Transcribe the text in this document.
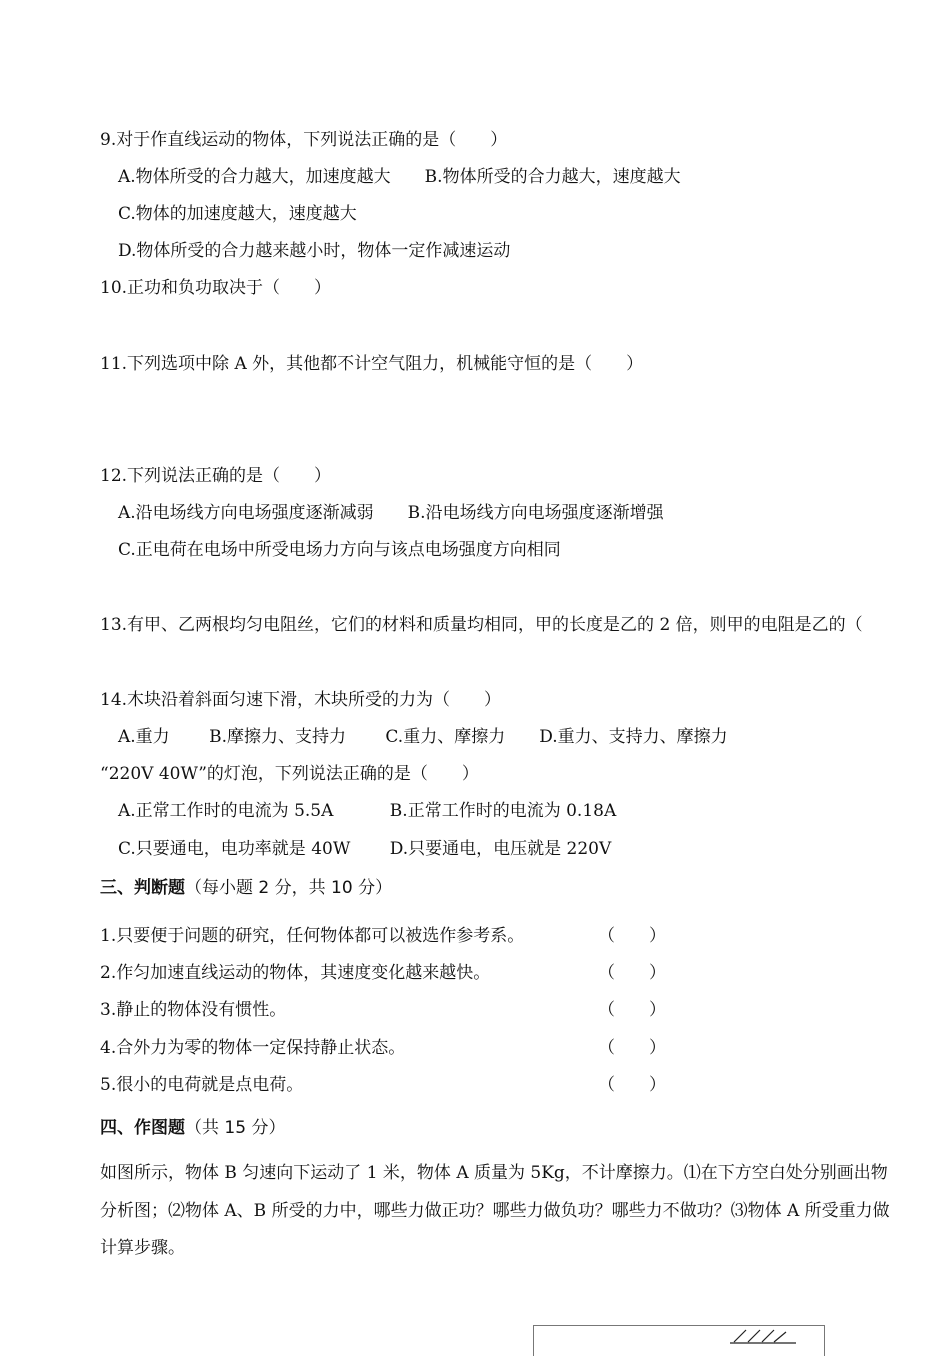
9.对于作直线运动的物体，下列说法正确的是（　　）
A.物体所受的合力越大，加速度越大　　B.物体所受的合力越大，速度越大
C.物体的加速度越大，速度越大
D.物体所受的合力越来越小时，物体一定作减速运动
10.正功和负功取决于（　　）
11.下列选项中除 A 外，其他都不计空气阻力，机械能守恒的是（　　）
12.下列说法正确的是（　　）
A.沿电场线方向电场强度逐渐减弱　　B.沿电场线方向电场强度逐渐增强
C.正电荷在电场中所受电场力方向与该点电场强度方向相同
13.有甲、乙两根均匀电阻丝，它们的材料和质量均相同，甲的长度是乙的 2 倍，则甲的电阻是乙的（
14.木块沿着斜面匀速下滑，木块所受的力为（　　）
A.重力　　 B.摩擦力、支持力　　 C.重力、摩擦力　　D.重力、支持力、摩擦力
“220V 40W”的灯泡，下列说法正确的是（　　）
A.正常工作时的电流为 5.5A　　　 B.正常工作时的电流为 0.18A
C.只要通电，电功率就是 40W　　 D.只要通电，电压就是 220V
三、判断题（每小题 2 分，共 10 分）
1.只要便于问题的研究，任何物体都可以被选作参考系。	（　　）
2.作匀加速直线运动的物体，其速度变化越来越快。	（　　）
3.静止的物体没有惯性。	（　　）
4.合外力为零的物体一定保持静止状态。	（　　）
5.很小的电荷就是点电荷。	（　　）
四、作图题（共 15 分）
如图所示，物体 B 匀速向下运动了 1 米，物体 A 质量为 5Kg，不计摩擦力。⑴在下方空白处分别画出物
分析图；⑵物体 A、B 所受的力中，哪些力做正功？哪些力做负功？哪些力不做功？⑶物体 A 所受重力做
计算步骤。
